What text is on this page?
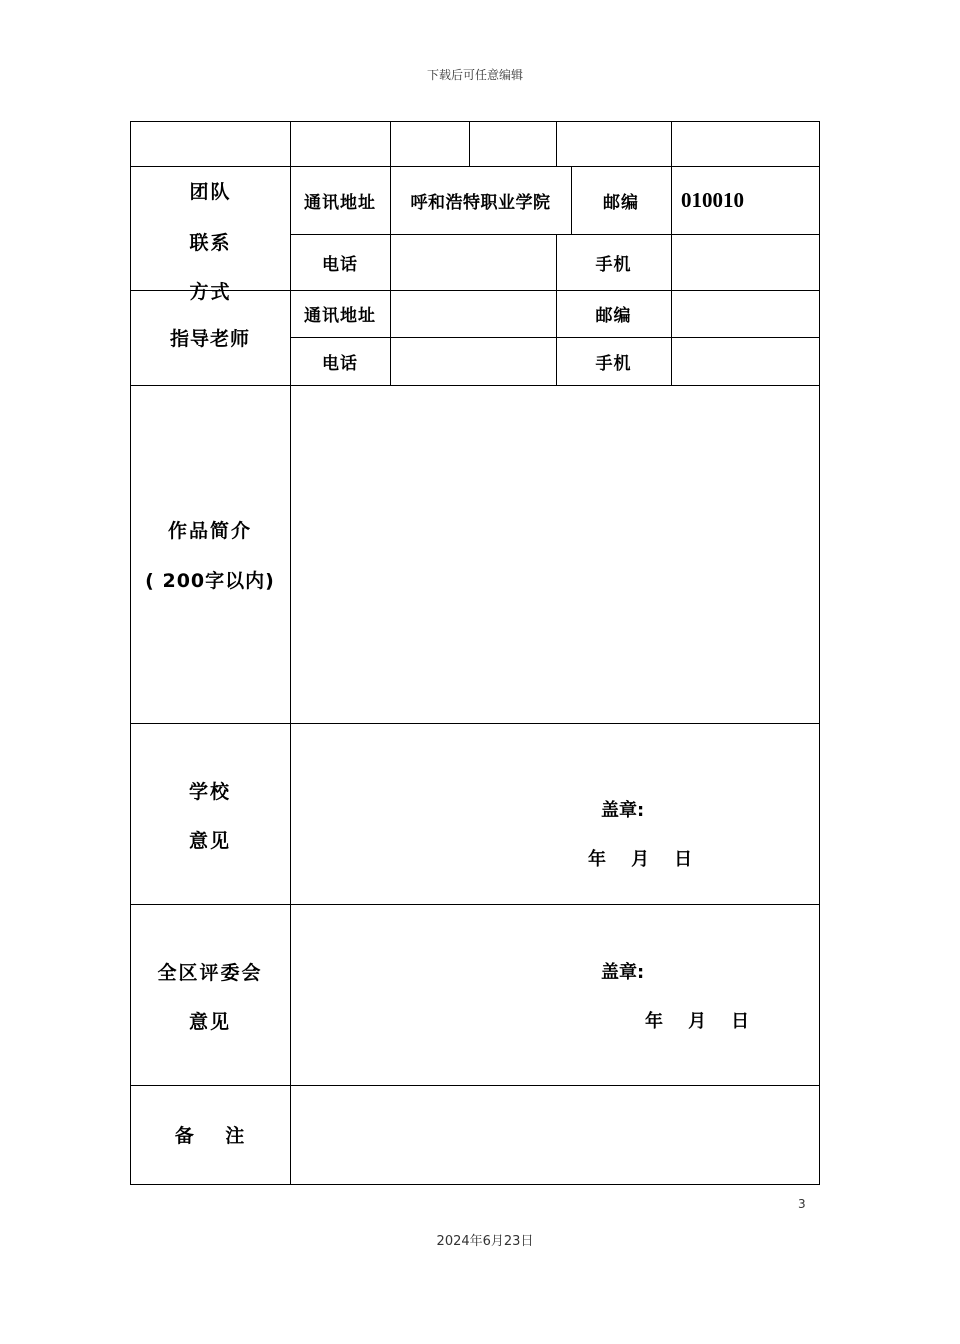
下载后可任意编辑
团队
联系
方式
通讯地址	呼和浩特职业学院	邮编	010010
电话	手机
指导老师
通讯地址	邮编
电话	手机
作品简介
( 200字以内)
学校
意见
盖章:
年    月    日
全区评委会
意见
盖章:
年    月    日
备    注
3
2024年6月23日
